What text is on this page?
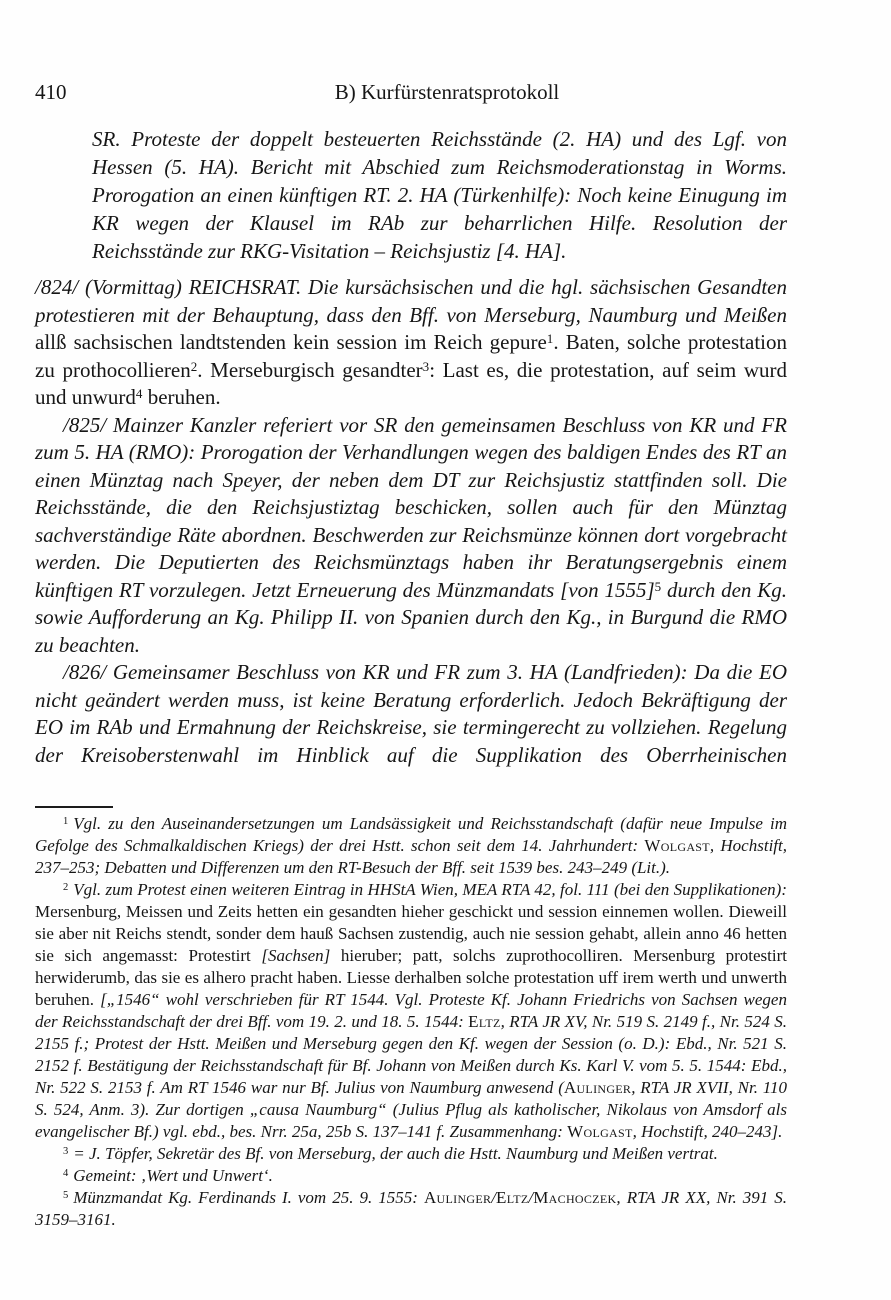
410	B) Kurfürstenratsprotokoll
SR. Proteste der doppelt besteuerten Reichsstände (2. HA) und des Lgf. von Hessen (5. HA). Bericht mit Abschied zum Reichsmoderationstag in Worms. Prorogation an einen künftigen RT. 2. HA (Türkenhilfe): Noch keine Einugung im KR wegen der Klausel im RAb zur beharrlichen Hilfe. Resolution der Reichsstände zur RKG-Visitation – Reichsjustiz [4. HA].

/824/ (Vormittag) REICHSRAT. Die kursächsischen und die hgl. sächsischen Gesandten protestieren mit der Behauptung, dass den Bff. von Merseburg, Naumburg und Meißen allß sachsischen landtstenden kein session im Reich gepure$^1$. Baten, solche protestation zu prothocollieren$^2$. Merseburgisch gesandter$^3$: Last es, die protestation, auf seim wurd und unwurd$^4$ beruhen.

/825/ Mainzer Kanzler referiert vor SR den gemeinsamen Beschluss von KR und FR zum 5. HA (RMO): Prorogation der Verhandlungen wegen des baldigen Endes des RT an einen Münztag nach Speyer, der neben dem DT zur Reichsjustiz stattfinden soll. Die Reichsstände, die den Reichsjustiztag beschicken, sollen auch für den Münztag sachverständige Räte abordnen. Beschwerden zur Reichsmünze können dort vorgebracht werden. Die Deputierten des Reichsmünztags haben ihr Beratungsergebnis einem künftigen RT vorzulegen. Jetzt Erneuerung des Münzmandats [von 1555]$^5$ durch den Kg. sowie Aufforderung an Kg. Philipp II. von Spanien durch den Kg., in Burgund die RMO zu beachten.

/826/ Gemeinsamer Beschluss von KR und FR zum 3. HA (Landfrieden): Da die EO nicht geändert werden muss, ist keine Beratung erforderlich. Jedoch Bekräftigung der EO im RAb und Ermahnung der Reichskreise, sie termingerecht zu vollziehen. Regelung der Kreisoberstenwahl im Hinblick auf die Supplikation des Oberrheinischen

$^1$ Vgl. zu den Auseinandersetzungen um Landsässigkeit und Reichsstandschaft (dafür neue Impulse im Gefolge des Schmalkaldischen Kriegs) der drei Hstt. schon seit dem 14. Jahrhundert: Wolgast, Hochstift, 237–253; Debatten und Differenzen um den RT-Besuch der Bff. seit 1539 bes. 243–249 (Lit.).

$^2$ Vgl. zum Protest einen weiteren Eintrag in HHStA Wien, MEA RTA 42, fol. 111 (bei den Supplikationen): Mersenburg, Meissen und Zeits hetten ein gesandten hieher geschickt und session einnemen wollen. Dieweill sie aber nit Reichs stendt, sonder dem hauß Sachsen zustendig, auch nie session gehabt, allein anno 46 hetten sie sich angemasst: Protestirt [Sachsen] hieruber; patt, solchs zuprothocolliren. Mersenburg protestirt herwiderumb, das sie es alhero pracht haben. Liesse derhalben solche protestation uff irem werth und unwerth beruhen. [„1546“ wohl verschrieben für RT 1544. Vgl. Proteste Kf. Johann Friedrichs von Sachsen wegen der Reichsstandschaft der drei Bff. vom 19. 2. und 18. 5. 1544: Eltz, RTA JR XV, Nr. 519 S. 2149 f., Nr. 524 S. 2155 f.; Protest der Hstt. Meißen und Merseburg gegen den Kf. wegen der Session (o. D.): Ebd., Nr. 521 S. 2152 f. Bestätigung der Reichsstandschaft für Bf. Johann von Meißen durch Ks. Karl V. vom 5. 5. 1544: Ebd., Nr. 522 S. 2153 f. Am RT 1546 war nur Bf. Julius von Naumburg anwesend (Aulinger, RTA JR XVII, Nr. 110 S. 524, Anm. 3). Zur dortigen „causa Naumburg“ (Julius Pflug als katholischer, Nikolaus von Amsdorf als evangelischer Bf.) vgl. ebd., bes. Nrr. 25a, 25b S. 137–141 f. Zusammenhang: Wolgast, Hochstift, 240–243].

$^3$ = J. Töpfer, Sekretär des Bf. von Merseburg, der auch die Hstt. Naumburg und Meißen vertrat.

$^4$ Gemeint: ‚Wert und Unwert‘.

$^5$ Münzmandat Kg. Ferdinands I. vom 25. 9. 1555: Aulinger/Eltz/Machoczek, RTA JR XX, Nr. 391 S. 3159–3161.
